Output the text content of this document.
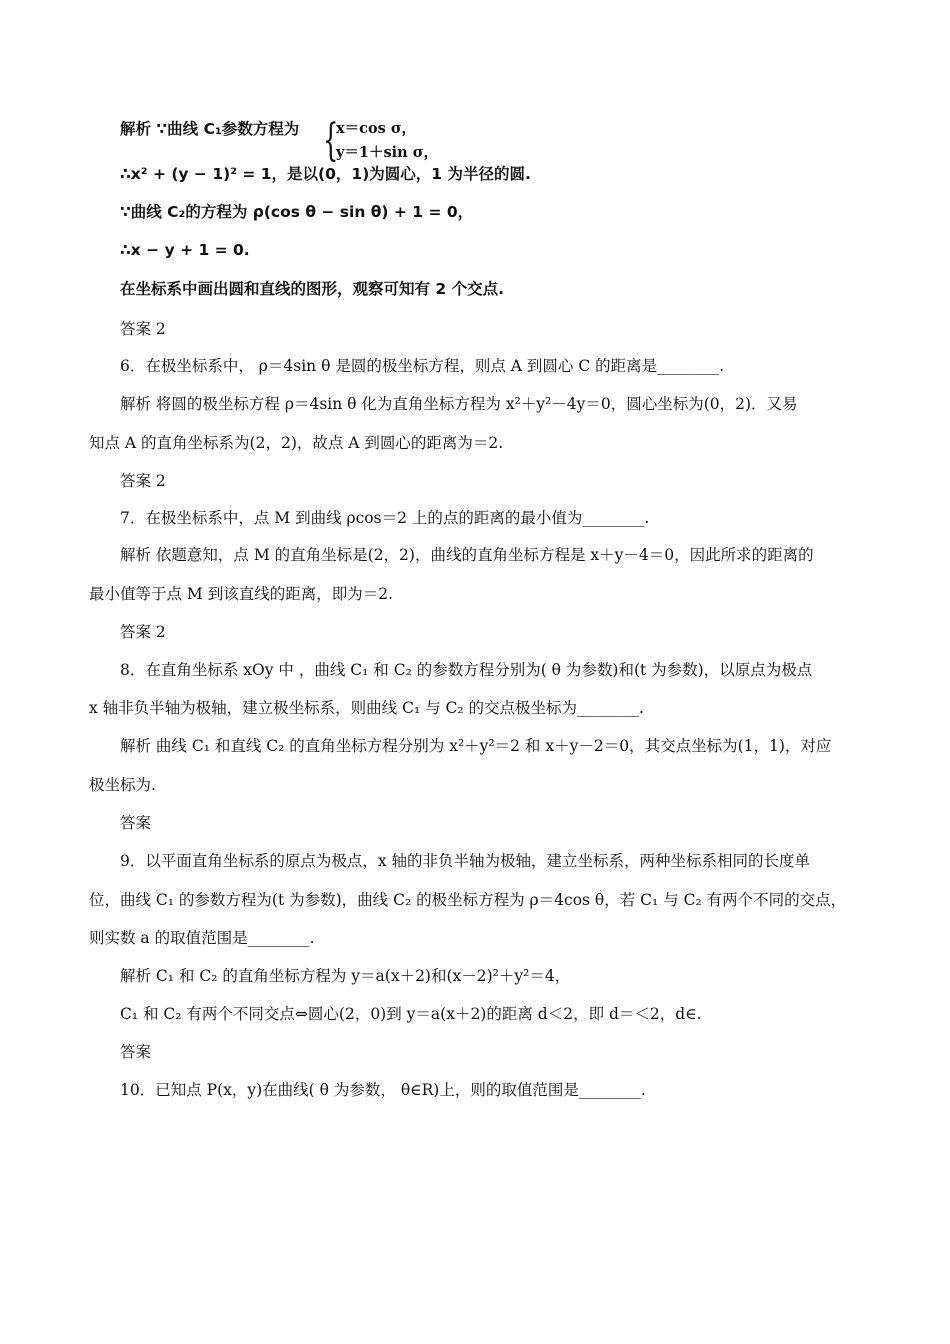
解析 ∵曲线 C₁参数方程为
∴x² + (y − 1)² = 1，是以(0，1)为圆心，1 为半径的圆.
∵曲线 C₂的方程为 ρ(cos θ − sin θ) + 1 = 0，
∴x − y + 1 = 0.
在坐标系中画出圆和直线的图形，观察可知有 2 个交点.
答案 2
6．在极坐标系中， ρ＝4sin θ 是圆的极坐标方程，则点 A 到圆心 C 的距离是________.
解析 将圆的极坐标方程 ρ＝4sin θ 化为直角坐标方程为 x²＋y²－4y＝0，圆心坐标为(0，2)．又易
知点 A 的直角坐标系为(2，2)，故点 A 到圆心的距离为＝2.
答案 2
7．在极坐标系中，点 M 到曲线 ρcos＝2 上的点的距离的最小值为________.
解析 依题意知，点 M 的直角坐标是(2，2)，曲线的直角坐标方程是 x＋y－4＝0，因此所求的距离的
最小值等于点 M 到该直线的距离，即为＝2.
答案 2
8．在直角坐标系 xOy 中 ，曲线 C₁ 和 C₂ 的参数方程分别为( θ 为参数)和(t 为参数)，以原点为极点
x 轴非负半轴为极轴，建立极坐标系，则曲线 C₁ 与 C₂ 的交点极坐标为________.
解析 曲线 C₁ 和直线 C₂ 的直角坐标方程分别为 x²＋y²＝2 和 x＋y－2＝0，其交点坐标为(1，1)，对应
极坐标为.
答案
9．以平面直角坐标系的原点为极点，x 轴的非负半轴为极轴，建立坐标系，两种坐标系相同的长度单
位，曲线 C₁ 的参数方程为(t 为参数)，曲线 C₂ 的极坐标方程为 ρ＝4cos θ，若 C₁ 与 C₂ 有两个不同的交点，
则实数 a 的取值范围是________.
解析 C₁ 和 C₂ 的直角坐标方程为 y＝a(x＋2)和(x－2)²＋y²＝4，
C₁ 和 C₂ 有两个不同交点⇔圆心(2，0)到 y＝a(x＋2)的距离 d＜2，即 d＝＜2，d∈.
答案
10．已知点 P(x，y)在曲线( θ 为参数， θ∈R)上，则的取值范围是________.
{
x＝cos σ，
y＝1＋sin σ，
